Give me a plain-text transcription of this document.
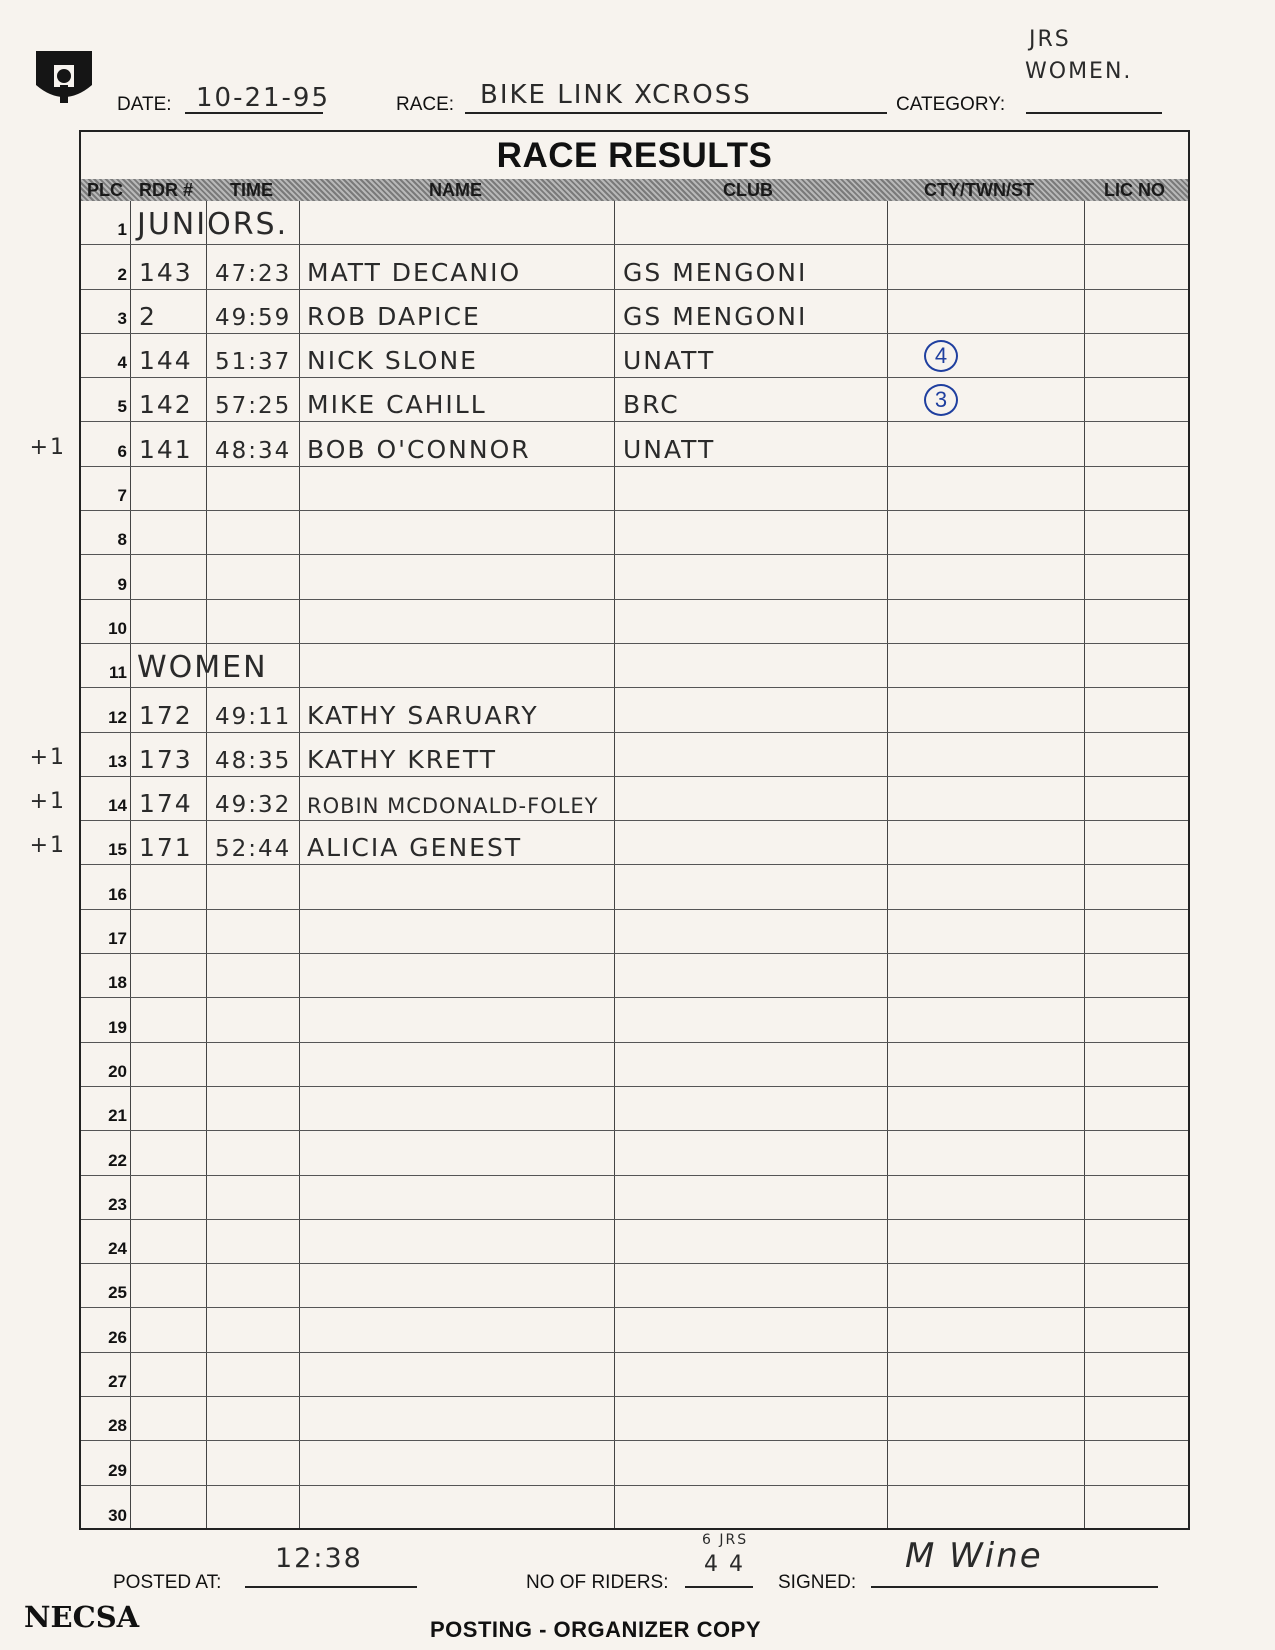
JRS
WOMEN.
DATE: 10-21-95	RACE: BIKE LINK XCROSS	CATEGORY:
RACE RESULTS
PLC RDR # TIME	NAME	CLUB	CTY/TWN/ST	LIC NO
1 JUNIORS.
2 143 47:23 MATT DECANIO	GS MENGONI
3 2	49:59 ROB DAPICE	GS MENGONI
4 144 51:37 NICK SLONE	UNATT	4
5 142 57:25 MIKE CAHILL	BRC	3
6 141 48:34 BOB O'CONNOR	UNATT
+1
7
8
9
10
11 WOMEN
12 172 49:11 KATHY SARUARY
13 173 48:35 KATHY KRETT
+1
14 174 49:32 ROBIN MCDONALD-FOLEY
+1
15 171 52:44 ALICIA GENEST
+1
16
17
18
19
20
21
22
23
24
25
26
27
28
29
30
POSTED AT:
12:38
NO OF RIDERS:
6 JRS
4 4
SIGNED:
M Wine
NECSA	POSTING - ORGANIZER COPY
